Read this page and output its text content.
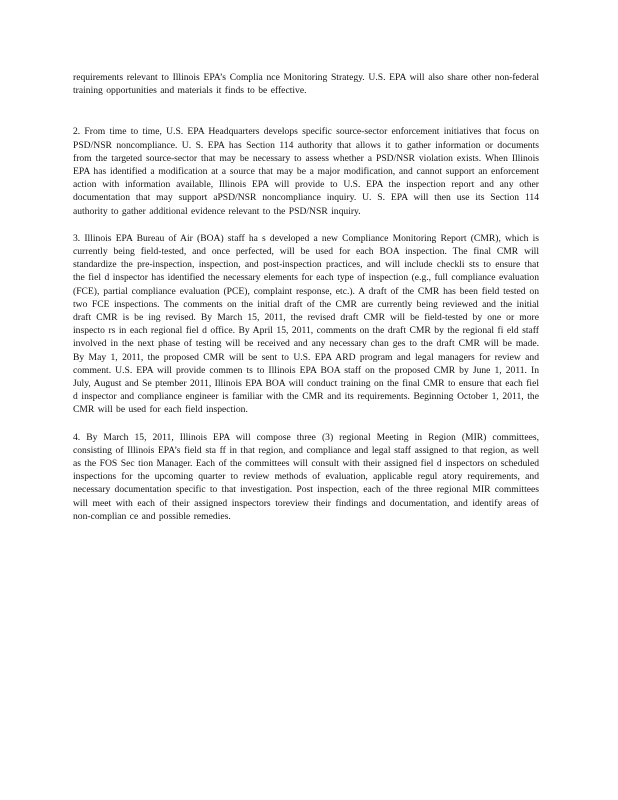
requirements relevant to Illinois EPA’s Complia nce Monitoring Strategy. U.S. EPA will also share other non-federal training opportunities and materials it finds to be effective.

2. From time to time, U.S. EPA Headquarters develops specific source-sector enforcement initiatives that focus on PSD/NSR noncompliance. U. S. EPA has Section 114 authority that allows it to gather information or documents from the targeted source-sector that may be necessary to assess whether a PSD/NSR violation exists. When Illinois EPA has identified a modification at a source that may be a major modification, and cannot support an enforcement action with information available, Illinois EPA will provide to U.S. EPA the inspection report and any other documentation that may support aPSD/NSR noncompliance inquiry. U. S. EPA will then use its Section 114 authority to gather additional evidence relevant to the PSD/NSR inquiry.

3. Illinois EPA Bureau of Air (BOA) staff ha s developed a new Compliance Monitoring Report (CMR), which is currently being field-tested, and once perfected, will be used for each BOA inspection. The final CMR will standardize the pre-inspection, inspection, and post-inspection practices, and will include checkli sts to ensure that the fiel d inspector has identified the necessary elements for each type of inspection (e.g., full compliance evaluation (FCE), partial compliance evaluation (PCE), complaint response, etc.). A draft of the CMR has been field tested on two FCE inspections. The comments on the initial draft of the CMR are currently being reviewed and the initial draft CMR is be ing revised. By March 15, 2011, the revised draft CMR will be field-tested by one or more inspecto rs in each regional fiel d office. By April 15, 2011, comments on the draft CMR by the regional fi eld staff involved in the next phase of testing will be received and any necessary chan ges to the draft CMR will be made. By May 1, 2011, the proposed CMR will be sent to U.S. EPA ARD program and legal managers for review and comment. U.S. EPA will provide commen ts to Illinois EPA BOA staff on the proposed CMR by June 1, 2011. In July, August and Se ptember 2011, Illinois EPA BOA will conduct training on the final CMR to ensure that each fiel d inspector and compliance engineer is familiar with the CMR and its requirements. Beginning October 1, 2011, the CMR will be used for each field inspection.

4. By March 15, 2011, Illinois EPA will compose three (3) regional Meeting in Region (MIR) committees, consisting of Illinois EPA’s field sta ff in that region, and compliance and legal staff assigned to that region, as well as the FOS Sec tion Manager. Each of the committees will consult with their assigned fiel d inspectors on scheduled inspections for the upcoming quarter to review methods of evaluation, applicable regul atory requirements, and necessary documentation specific to that investigation. Post inspection, each of the three regional MIR committees will meet with each of their assigned inspectors toreview their findings and documentation, and identify areas of non-complian ce and possible remedies.
